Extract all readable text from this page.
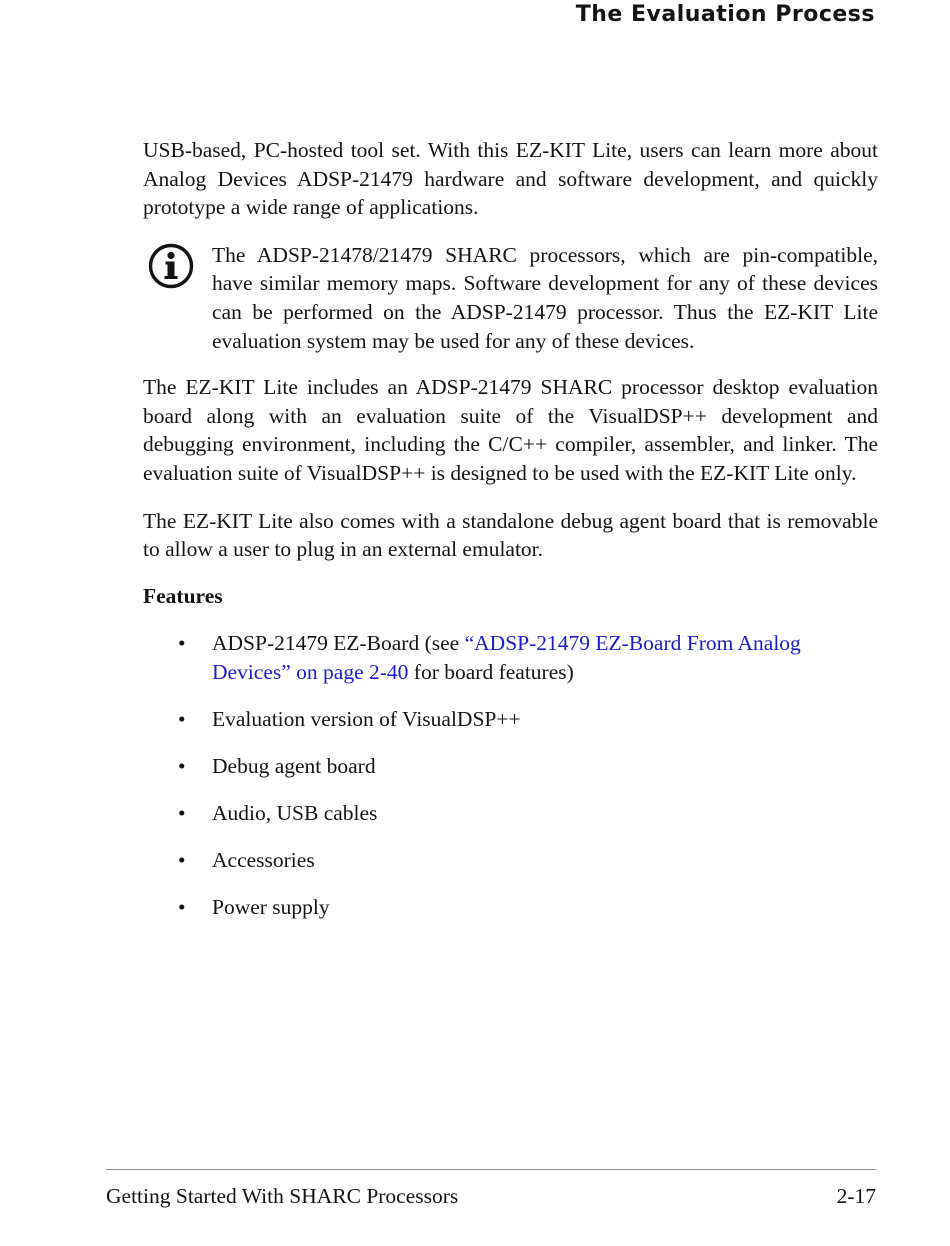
The Evaluation Process

USB-based, PC-hosted tool set. With this EZ-KIT Lite, users can learn more about Analog Devices ADSP-21479 hardware and software development, and quickly prototype a wide range of applications.

The ADSP-21478/21479 SHARC processors, which are pin-compatible, have similar memory maps. Software development for any of these devices can be performed on the ADSP-21479 processor. Thus the EZ-KIT Lite evaluation system may be used for any of these devices.

The EZ-KIT Lite includes an ADSP-21479 SHARC processor desktop evaluation board along with an evaluation suite of the VisualDSP++ development and debugging environment, including the C/C++ compiler, assembler, and linker. The evaluation suite of VisualDSP++ is designed to be used with the EZ-KIT Lite only.

The EZ-KIT Lite also comes with a standalone debug agent board that is removable to allow a user to plug in an external emulator.

Features
• ADSP-21479 EZ-Board (see “ADSP-21479 EZ-Board From Analog Devices” on page 2-40 for board features)
• Evaluation version of VisualDSP++
• Debug agent board
• Audio, USB cables
• Accessories
• Power supply
Getting Started With SHARC Processors	2-17
